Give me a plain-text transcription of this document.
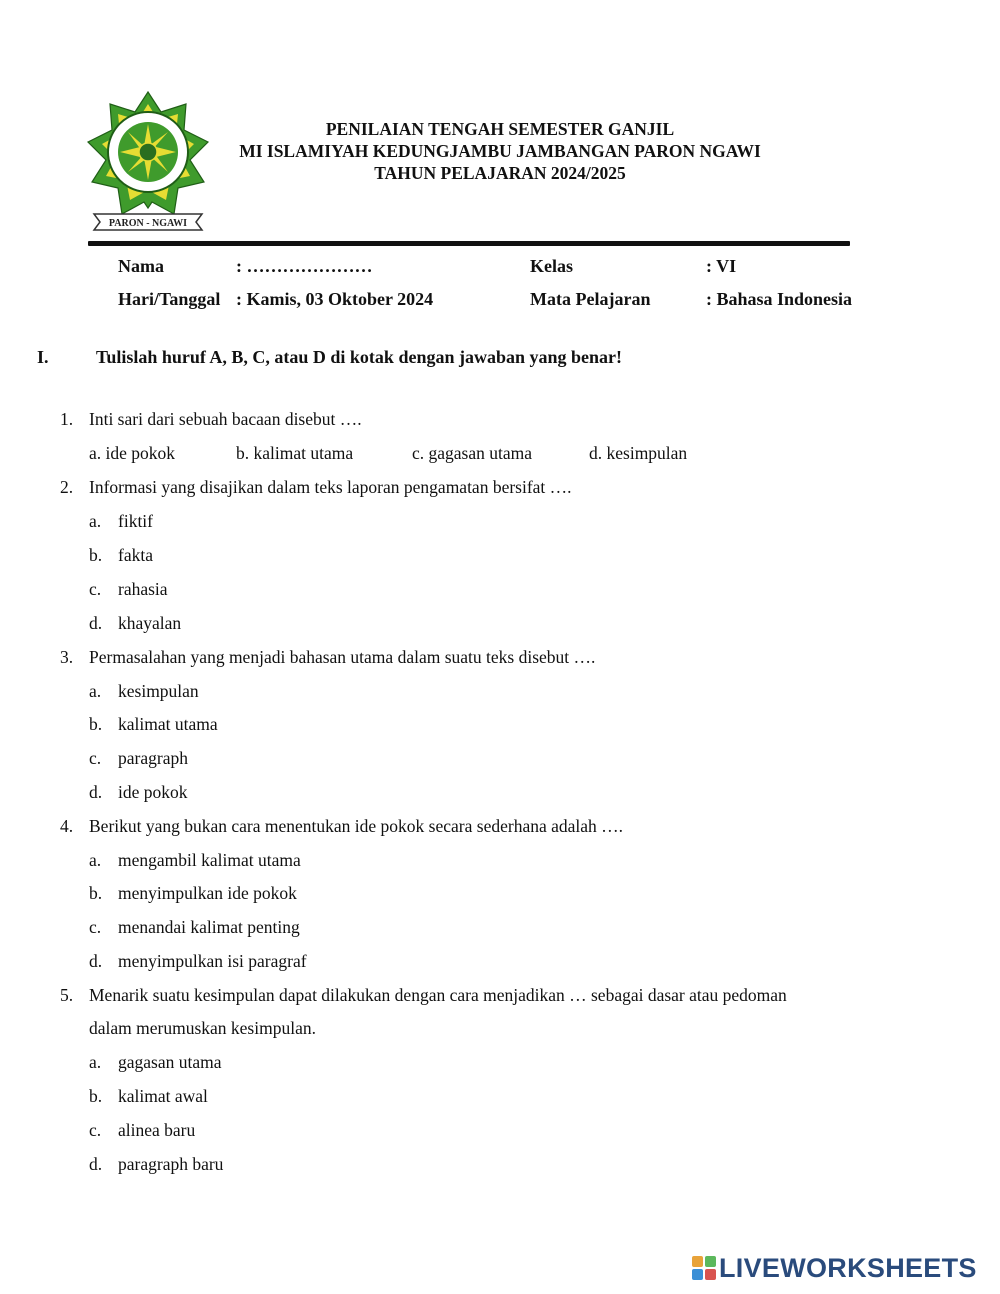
PARON - NGAWI
PENILAIAN TENGAH SEMESTER GANJIL
MI ISLAMIYAH KEDUNGJAMBU JAMBANGAN PARON NGAWI
TAHUN PELAJARAN 2024/2025
Nama	: …………………	Kelas	: VI
Hari/Tanggal : Kamis, 03 Oktober 2024	Mata Pelajaran	: Bahasa Indonesia
I.	Tulislah huruf A, B, C, atau D di kotak dengan jawaban yang benar!
1. Inti sari dari sebuah bacaan disebut ….
a. ide pokok	b. kalimat utama	c. gagasan utama	d. kesimpulan
2. Informasi yang disajikan dalam teks laporan pengamatan bersifat ….
a. fiktif
b. fakta
c. rahasia
d. khayalan
3. Permasalahan yang menjadi bahasan utama dalam suatu teks disebut ….
a. kesimpulan
b. kalimat utama
c. paragraph
d. ide pokok
4. Berikut yang bukan cara menentukan ide pokok secara sederhana adalah ….
a. mengambil kalimat utama
b. menyimpulkan ide pokok
c. menandai kalimat penting
d. menyimpulkan isi paragraf
5. Menarik suatu kesimpulan dapat dilakukan dengan cara menjadikan … sebagai dasar atau pedoman
dalam merumuskan kesimpulan.
a. gagasan utama
b. kalimat awal
c. alinea baru
d. paragraph baru
LIVEWORKSHEETS
